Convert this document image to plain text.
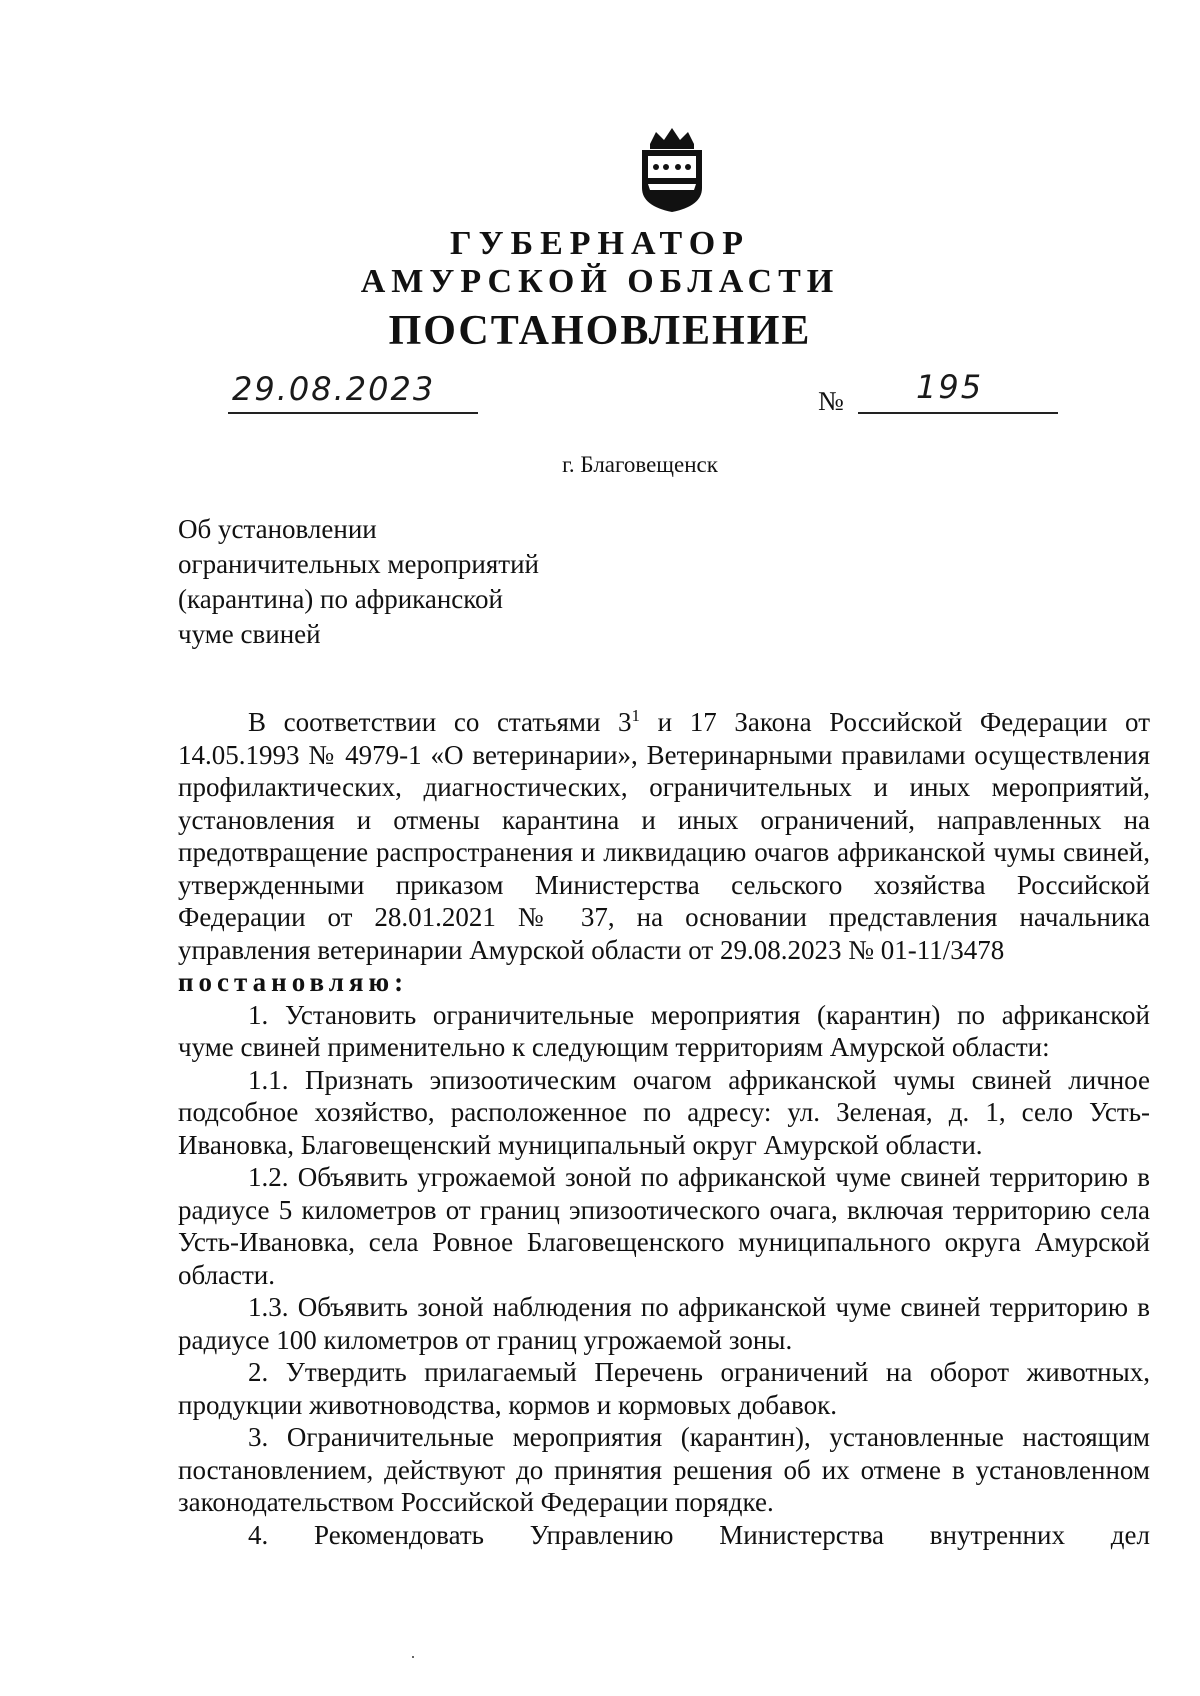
ГУБЕРНАТОР
АМУРСКОЙ ОБЛАСТИ
ПОСТАНОВЛЕНИЕ
29.08.2023	№ 195
г. Благовещенск
Об установлении
ограничительных мероприятий
(карантина) по африканской
чуме свиней

В соответствии со статьями $3^1$ и 17 Закона Российской Федерации от 14.05.1993 № 4979-1 «О ветеринарии», Ветеринарными правилами осуществления профилактических, диагностических, ограничительных и иных мероприятий, установления и отмены карантина и иных ограничений, направленных на предотвращение распространения и ликвидацию очагов африканской чумы свиней, утвержденными приказом Министерства сельского хозяйства Российской Федерации от 28.01.2021 № 37, на основании представления начальника управления ветеринарии Амурской области от 29.08.2023 № 01-11/3478

постановляю:

1. Установить ограничительные мероприятия (карантин) по африканской чуме свиней применительно к следующим территориям Амурской области:

1.1. Признать эпизоотическим очагом африканской чумы свиней личное подсобное хозяйство, расположенное по адресу: ул. Зеленая, д. 1, село Усть-Ивановка, Благовещенский муниципальный округ Амурской области.

1.2. Объявить угрожаемой зоной по африканской чуме свиней территорию в радиусе 5 километров от границ эпизоотического очага, включая территорию села Усть-Ивановка, села Ровное Благовещенского муниципального округа Амурской области.

1.3. Объявить зоной наблюдения по африканской чуме свиней территорию в радиусе 100 километров от границ угрожаемой зоны.

2. Утвердить прилагаемый Перечень ограничений на оборот животных, продукции животноводства, кормов и кормовых добавок.

3. Ограничительные мероприятия (карантин), установленные настоящим постановлением, действуют до принятия решения об их отмене в установленном законодательством Российской Федерации порядке.

4. Рекомендовать Управлению Министерства внутренних дел
